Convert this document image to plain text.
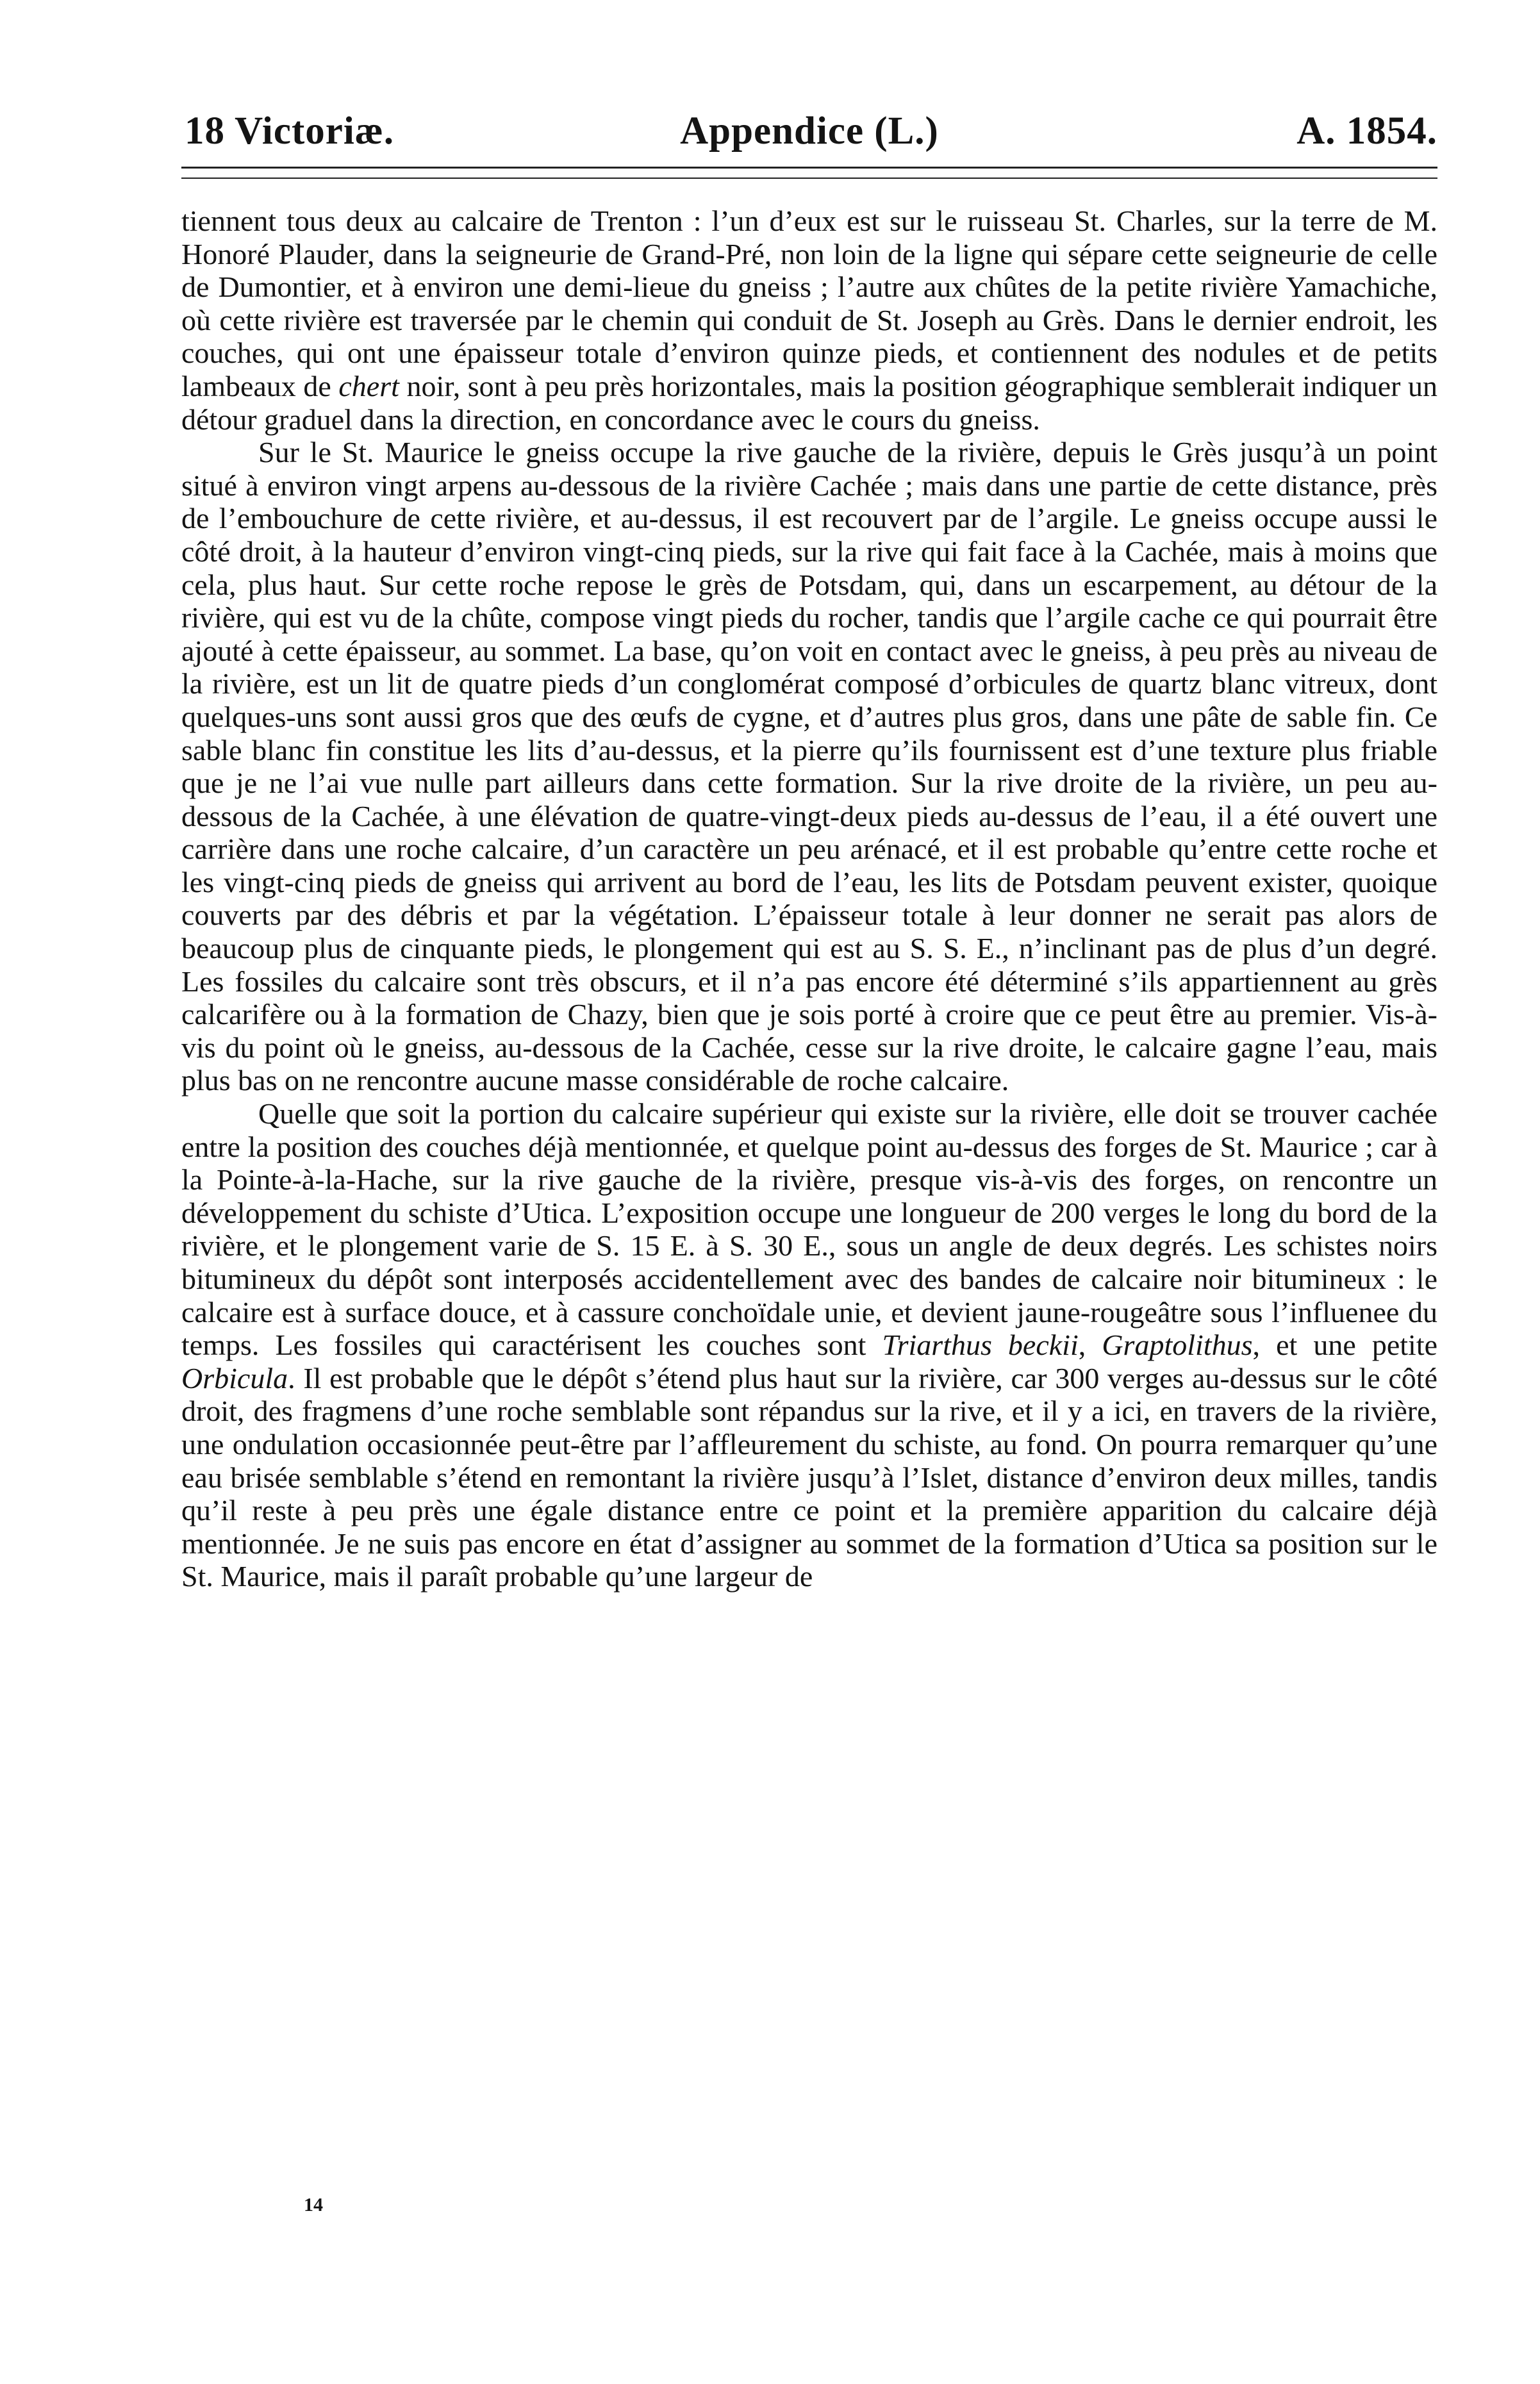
18 Victoriæ.	Appendice (L.)	A. 1854.

tiennent tous deux au calcaire de Trenton : l’un d’eux est sur le ruisseau St. Charles, sur la terre de M. Honoré Plauder, dans la seigneurie de Grand-Pré, non loin de la ligne qui sépare cette seigneurie de celle de Dumontier, et à environ une demi-lieue du gneiss ; l’autre aux chûtes de la petite rivière Yamachiche, où cette rivière est traversée par le chemin qui conduit de St. Joseph au Grès. Dans le dernier endroit, les couches, qui ont une épaisseur totale d’environ quinze pieds, et contiennent des nodules et de petits lambeaux de chert noir, sont à peu près horizontales, mais la position géographique semblerait indiquer un détour graduel dans la direction, en concordance avec le cours du gneiss.

Sur le St. Maurice le gneiss occupe la rive gauche de la rivière, depuis le Grès jusqu’à un point situé à environ vingt arpens au-dessous de la rivière Cachée ; mais dans une partie de cette distance, près de l’embouchure de cette rivière, et au-dessus, il est recouvert par de l’argile. Le gneiss occupe aussi le côté droit, à la hauteur d’environ vingt-cinq pieds, sur la rive qui fait face à la Cachée, mais à moins que cela, plus haut. Sur cette roche repose le grès de Potsdam, qui, dans un escarpement, au détour de la rivière, qui est vu de la chûte, compose vingt pieds du rocher, tandis que l’argile cache ce qui pourrait être ajouté à cette épaisseur, au sommet. La base, qu’on voit en contact avec le gneiss, à peu près au niveau de la rivière, est un lit de quatre pieds d’un conglomérat composé d’orbicules de quartz blanc vitreux, dont quelques-uns sont aussi gros que des œufs de cygne, et d’autres plus gros, dans une pâte de sable fin. Ce sable blanc fin constitue les lits d’au-dessus, et la pierre qu’ils fournissent est d’une texture plus friable que je ne l’ai vue nulle part ailleurs dans cette formation. Sur la rive droite de la rivière, un peu au-dessous de la Cachée, à une élévation de quatre-vingt-deux pieds au-dessus de l’eau, il a été ouvert une carrière dans une roche calcaire, d’un caractère un peu arénacé, et il est probable qu’entre cette roche et les vingt-cinq pieds de gneiss qui arrivent au bord de l’eau, les lits de Potsdam peuvent exister, quoique couverts par des débris et par la végétation. L’épaisseur totale à leur donner ne serait pas alors de beaucoup plus de cinquante pieds, le plongement qui est au S. S. E., n’inclinant pas de plus d’un degré. Les fossiles du calcaire sont très obscurs, et il n’a pas encore été déterminé s’ils appartiennent au grès calcarifère ou à la formation de Chazy, bien que je sois porté à croire que ce peut être au premier. Vis-à-vis du point où le gneiss, au-dessous de la Cachée, cesse sur la rive droite, le calcaire gagne l’eau, mais plus bas on ne rencontre aucune masse considérable de roche calcaire.

Quelle que soit la portion du calcaire supérieur qui existe sur la rivière, elle doit se trouver cachée entre la position des couches déjà mentionnée, et quelque point au-dessus des forges de St. Maurice ; car à la Pointe-à-la-Hache, sur la rive gauche de la rivière, presque vis-à-vis des forges, on rencontre un développement du schiste d’Utica. L’exposition occupe une longueur de 200 verges le long du bord de la rivière, et le plongement varie de S. 15 E. à S. 30 E., sous un angle de deux degrés. Les schistes noirs bitumineux du dépôt sont interposés accidentellement avec des bandes de calcaire noir bitumineux : le calcaire est à surface douce, et à cassure conchoïdale unie, et devient jaune-rougeâtre sous l’influenee du temps. Les fossiles qui caractérisent les couches sont Triarthus beckii, Graptolithus, et une petite Orbicula. Il est probable que le dépôt s’étend plus haut sur la rivière, car 300 verges au-dessus sur le côté droit, des fragmens d’une roche semblable sont répandus sur la rive, et il y a ici, en travers de la rivière, une ondulation occasionnée peut-être par l’affleurement du schiste, au fond. On pourra remarquer qu’une eau brisée semblable s’étend en remontant la rivière jusqu’à l’Islet, distance d’environ deux milles, tandis qu’il reste à peu près une égale distance entre ce point et la première apparition du calcaire déjà mentionnée. Je ne suis pas encore en état d’assigner au sommet de la formation d’Utica sa position sur le St. Maurice, mais il paraît probable qu’une largeur de

14
